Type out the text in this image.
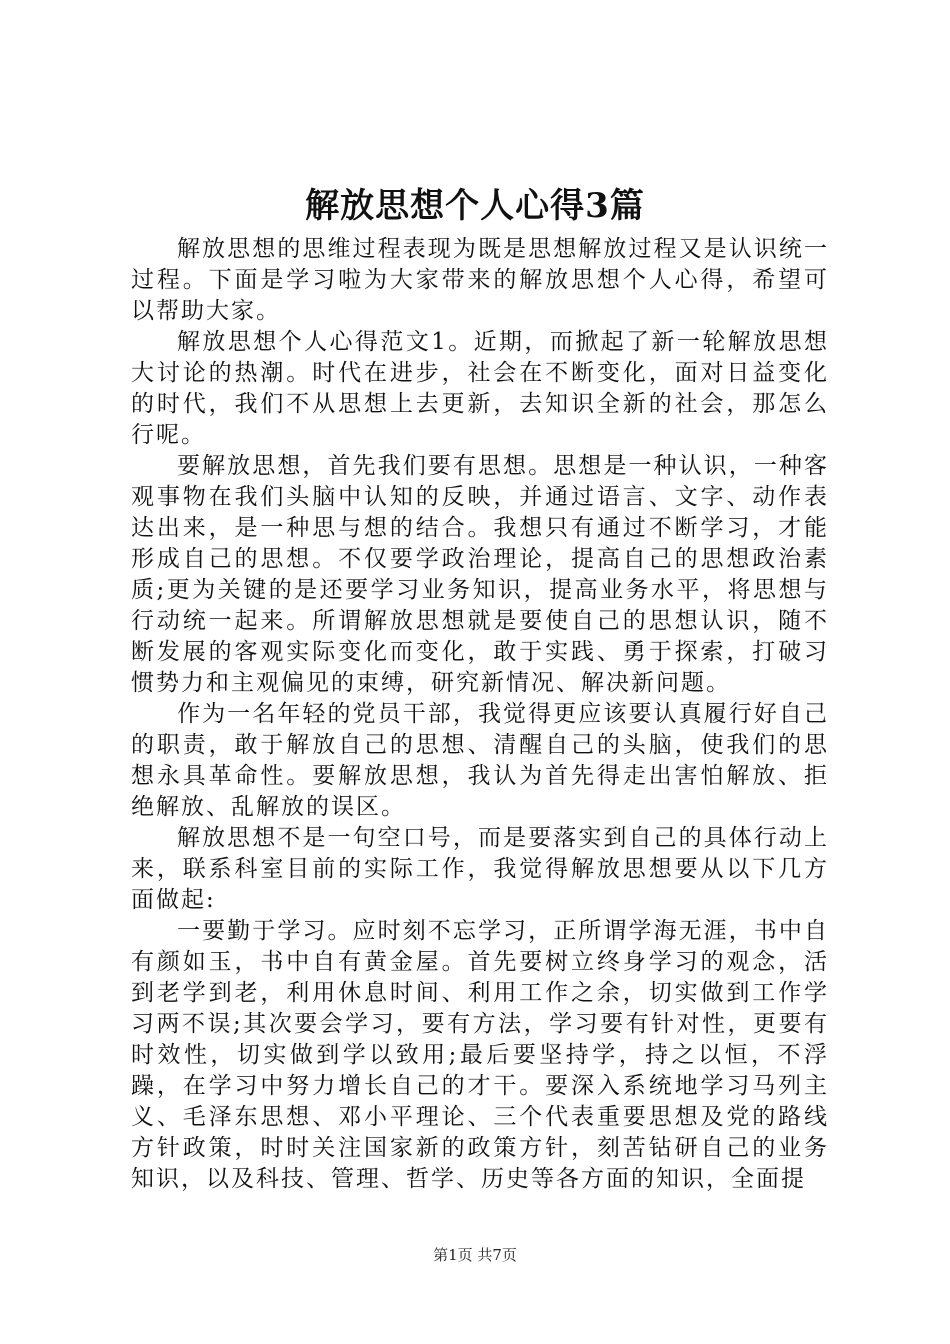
解放思想个人心得3篇

解放思想的思维过程表现为既是思想解放过程又是认识统一过程。下面是学习啦为大家带来的解放思想个人心得，希望可以帮助大家。

解放思想个人心得范文1。近期，而掀起了新一轮解放思想大讨论的热潮。时代在进步，社会在不断变化，面对日益变化的时代，我们不从思想上去更新，去知识全新的社会，那怎么行呢。

要解放思想，首先我们要有思想。思想是一种认识，一种客观事物在我们头脑中认知的反映，并通过语言、文字、动作表达出来，是一种思与想的结合。我想只有通过不断学习，才能形成自己的思想。不仅要学政治理论，提高自己的思想政治素质;更为关键的是还要学习业务知识，提高业务水平，将思想与行动统一起来。所谓解放思想就是要使自己的思想认识，随不断发展的客观实际变化而变化，敢于实践、勇于探索，打破习惯势力和主观偏见的束缚，研究新情况、解决新问题。

作为一名年轻的党员干部，我觉得更应该要认真履行好自己的职责，敢于解放自己的思想、清醒自己的头脑，使我们的思想永具革命性。要解放思想，我认为首先得走出害怕解放、拒绝解放、乱解放的误区。

解放思想不是一句空口号，而是要落实到自己的具体行动上来，联系科室目前的实际工作，我觉得解放思想要从以下几方面做起:

一要勤于学习。应时刻不忘学习，正所谓学海无涯，书中自有颜如玉，书中自有黄金屋。首先要树立终身学习的观念，活到老学到老，利用休息时间、利用工作之余，切实做到工作学习两不误;其次要会学习，要有方法，学习要有针对性，更要有时效性，切实做到学以致用;最后要坚持学，持之以恒，不浮躁，在学习中努力增长自己的才干。要深入系统地学习马列主义、毛泽东思想、邓小平理论、三个代表重要思想及党的路线方针政策，时时关注国家新的政策方针，刻苦钻研自己的业务知识，以及科技、管理、哲学、历史等各方面的知识，全面提

第1页 共7页
